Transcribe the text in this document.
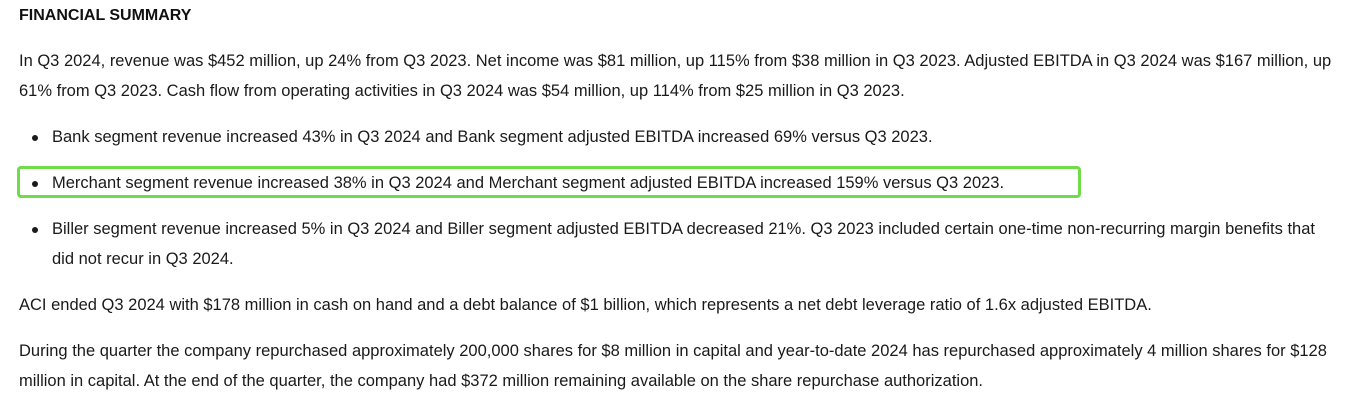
FINANCIAL SUMMARY

In Q3 2024, revenue was $452 million, up 24% from Q3 2023. Net income was $81 million, up 115% from $38 million in Q3 2023. Adjusted EBITDA in Q3 2024 was $167 million, up 61% from Q3 2023. Cash flow from operating activities in Q3 2024 was $54 million, up 114% from $25 million in Q3 2023.

Bank segment revenue increased 43% in Q3 2024 and Bank segment adjusted EBITDA increased 69% versus Q3 2023.
Merchant segment revenue increased 38% in Q3 2024 and Merchant segment adjusted EBITDA increased 159% versus Q3 2023.
Biller segment revenue increased 5% in Q3 2024 and Biller segment adjusted EBITDA decreased 21%. Q3 2023 included certain one-time non-recurring margin benefits that did not recur in Q3 2024.

ACI ended Q3 2024 with $178 million in cash on hand and a debt balance of $1 billion, which represents a net debt leverage ratio of 1.6x adjusted EBITDA.

During the quarter the company repurchased approximately 200,000 shares for $8 million in capital and year-to-date 2024 has repurchased approximately 4 million shares for $128 million in capital. At the end of the quarter, the company had $372 million remaining available on the share repurchase authorization.
